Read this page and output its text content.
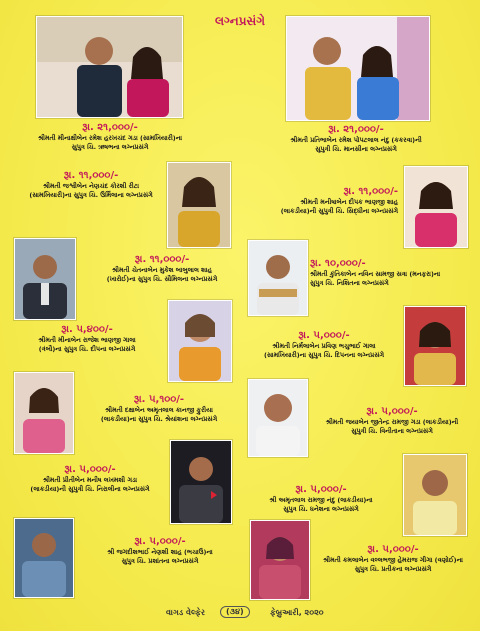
લગ્નપ્રસંગે
રૂા. ૨૧,૦૦૦/-
શ્રીમતી મીનાક્ષીબેન રમેશ હરખચંદ ગડા (સામખિયારી)ના
સુપુત્ર ચિ. ઋષભના લગ્નપ્રસંગે
રૂા. ૨૧,૦૦૦/-
શ્રીમતી પ્રતિભાબેન રમેશ પોપટલાલ નંદુ (કકરવા)ની
સુપુત્રી ચિ. માનસીના લગ્નપ્રસંગે
રૂા. ૧૧,૦૦૦/-
શ્રીમતી જશ્વીબેન નેણચંદ કોરશી રીટા
(સામખિયારી)ના સુપુત્ર ચિ. ઉર્મિલાના લગ્નપ્રસંગે	રૂા. ૧૧,૦૦૦/-
શ્રીમતી મનીષાબેન દીપક ભાણજી શાહ
(લાકડીયા)ની સુપુત્રી ચિ. સિદ્ધીના લગ્નપ્રસંગે
રૂા. ૧૧,૦૦૦/-
શ્રીમતી ચેતનાબેન મુકેશ બાબુલાલ શાહ
(ખારોઈ)ના સુપુત્ર ચિ. સૌમિલના લગ્નપ્રસંગે
રૂા. ૧૦,૦૦૦/-
શ્રીમતી કુંતિકાબેન નવિન સામજી સત્રા (મનફરા)ના
સુપુત્ર ચિ. નિશિતના લગ્નપ્રસંગે
રૂા. ૫,૪૦૦/-
શ્રીમતી મીનાબેન રાજેશ ભાણજી ગાલા
(ત્રંબૌ)ના સુપુત્ર ચિ. દીપના લગ્નપ્રસંગે
રૂા. ૫,૦૦૦/-
શ્રીમતી નિર્મલાબેન પ્રવિણ ભચુભાઈ ગાલા
(સામખિયારી)ના સુપુત્ર ચિ. દિપનના લગ્નપ્રસંગે
રૂા. ૫,૧૦૦/-
શ્રીમતી દક્ષાબેન અમૃતલાલ કાનજી ફુરીયા
(લાકડીયા)ના સુપુત્ર ચિ. શ્રેયાંશના લગ્નપ્રસંગે
રૂા. ૫,૦૦૦/-
શ્રીમતી જયાબેન જીતેન્દ્ર રામજી ગડા (લાકડીયા)ની
સુપુત્રી ચિ. વિનીતાના લગ્નપ્રસંગે
રૂા. ૫,૦૦૦/-
શ્રીમતી પ્રીતીબેન મનીષ લખમશી ગડા
(લાકડીયા)ની સુપુત્રી ચિ. નિરાલીના લગ્નપ્રસંગે	રૂા. ૫,૦૦૦/-
શ્રી અમૃતલાલ રામજી નંદુ (લાકડીયા)ના
સુપુત્ર ચિ. ધનેશના લગ્નપ્રસંગે
રૂા. ૫,૦૦૦/-
શ્રી જગદીશભાઈ નેણશી શાહ (ભચાઉ)ના
સુપુત્ર ચિ. પ્રશાંતના લગ્નપ્રસંગે
રૂા. ૫,૦૦૦/-
શ્રીમતી કમલાબેન વલ્લભજી હેમરાજ ગીગા (વણોઈ)ના
સુપુત્ર ચિ. પ્રતીકના લગ્નપ્રસંગે
વાગડ વેલ્ફેર	(૩૪)	ફેબ્રુઆરી, ૨૦૨૦
